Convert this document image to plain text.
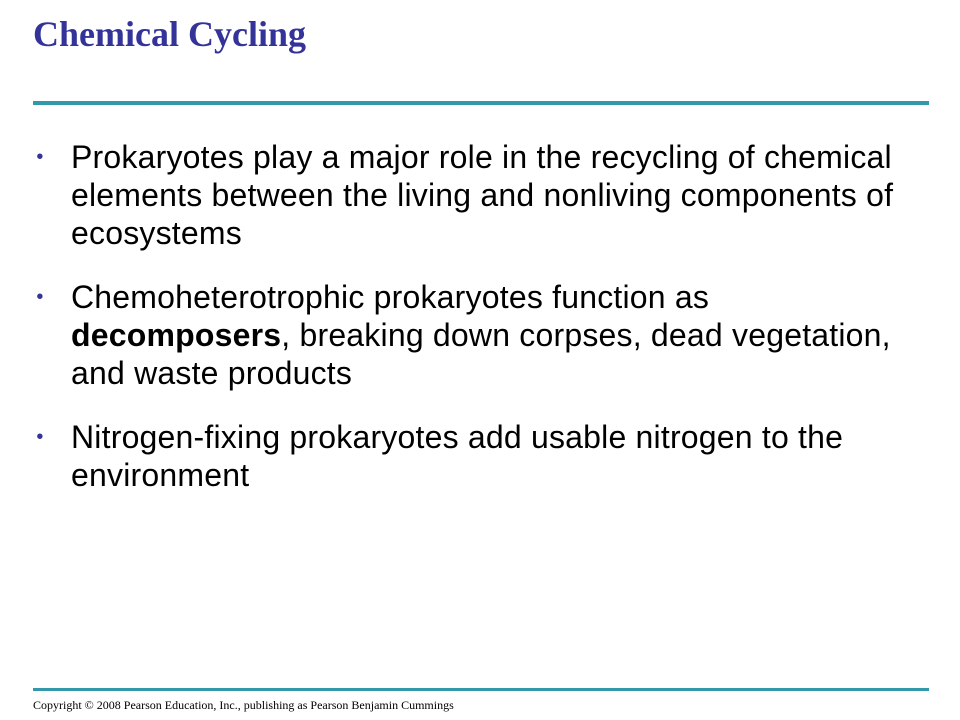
Chemical Cycling
• Prokaryotes play a major role in the recycling of chemical elements between the living and nonliving components of ecosystems
• Chemoheterotrophic prokaryotes function as decomposers, breaking down corpses, dead vegetation, and waste products
• Nitrogen-fixing prokaryotes add usable nitrogen to the environment

Copyright © 2008 Pearson Education, Inc., publishing as Pearson Benjamin Cummings
